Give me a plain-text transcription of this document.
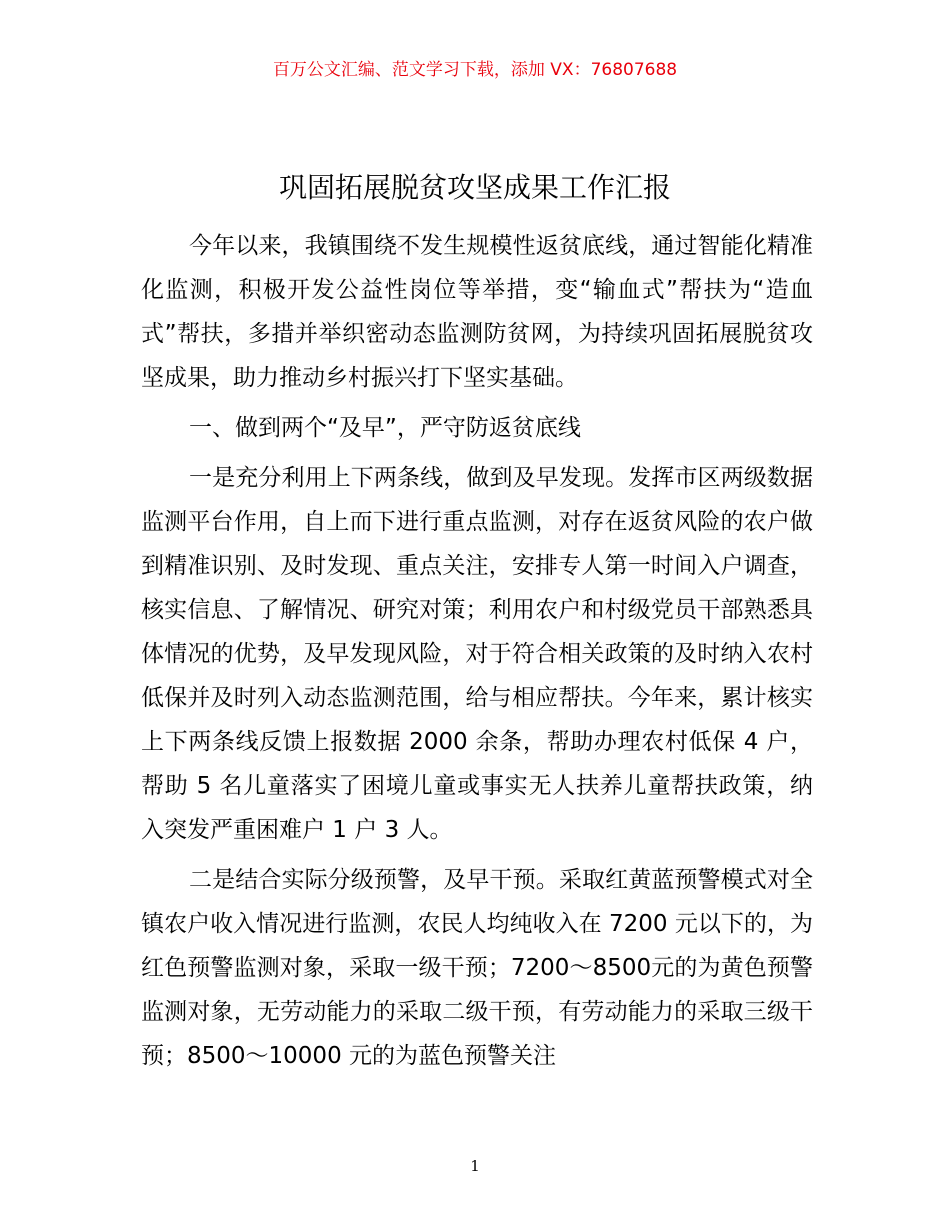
百万公文汇编、范文学习下载，添加 VX：76807688
巩固拓展脱贫攻坚成果工作汇报

今年以来，我镇围绕不发生规模性返贫底线，通过智能化精准化监测，积极开发公益性岗位等举措，变“输血式”帮扶为“造血式”帮扶，多措并举织密动态监测防贫网，为持续巩固拓展脱贫攻坚成果，助力推动乡村振兴打下坚实基础。

一、做到两个“及早”，严守防返贫底线

一是充分利用上下两条线，做到及早发现。发挥市区两级数据监测平台作用，自上而下进行重点监测，对存在返贫风险的农户做到精准识别、及时发现、重点关注，安排专人第一时间入户调查，核实信息、了解情况、研究对策；利用农户和村级党员干部熟悉具体情况的优势，及早发现风险，对于符合相关政策的及时纳入农村低保并及时列入动态监测范围，给与相应帮扶。今年来，累计核实上下两条线反馈上报数据 2000 余条，帮助办理农村低保 4 户，帮助 5 名儿童落实了困境儿童或事实无人扶养儿童帮扶政策，纳入突发严重困难户 1 户 3 人。

二是结合实际分级预警，及早干预。采取红黄蓝预警模式对全镇农户收入情况进行监测，农民人均纯收入在 7200 元以下的，为红色预警监测对象，采取一级干预；7200～8500元的为黄色预警监测对象，无劳动能力的采取二级干预，有劳动能力的采取三级干预；8500～10000 元的为蓝色预警关注

1
